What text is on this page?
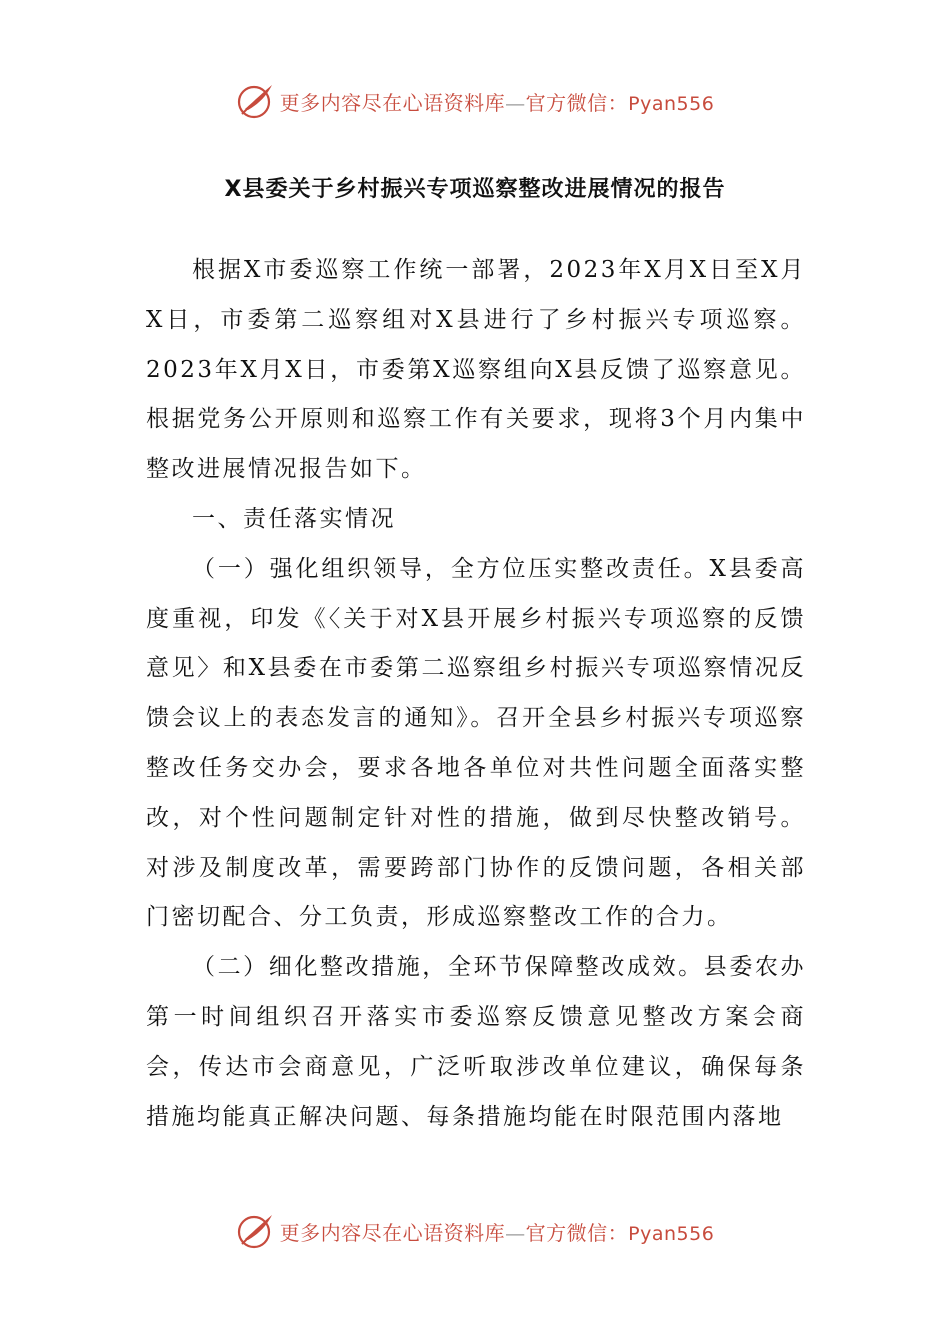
更多内容尽在心语资料库—官方微信：Pyan556
X县委关于乡村振兴专项巡察整改进展情况的报告

根据X市委巡察工作统一部署，2023年X月X日至X月X日，市委第二巡察组对X县进行了乡村振兴专项巡察。2023年X月X日，市委第X巡察组向X县反馈了巡察意见。根据党务公开原则和巡察工作有关要求，现将3个月内集中整改进展情况报告如下。

一、责任落实情况

（一）强化组织领导，全方位压实整改责任。X县委高度重视，印发《〈关于对X县开展乡村振兴专项巡察的反馈意见〉和X县委在市委第二巡察组乡村振兴专项巡察情况反馈会议上的表态发言的通知》。召开全县乡村振兴专项巡察整改任务交办会，要求各地各单位对共性问题全面落实整改，对个性问题制定针对性的措施，做到尽快整改销号。对涉及制度改革，需要跨部门协作的反馈问题，各相关部门密切配合、分工负责，形成巡察整改工作的合力。

（二）细化整改措施，全环节保障整改成效。县委农办第一时间组织召开落实市委巡察反馈意见整改方案会商会，传达市会商意见，广泛听取涉改单位建议，确保每条措施均能真正解决问题、每条措施均能在时限范围内落地

更多内容尽在心语资料库—官方微信：Pyan556
